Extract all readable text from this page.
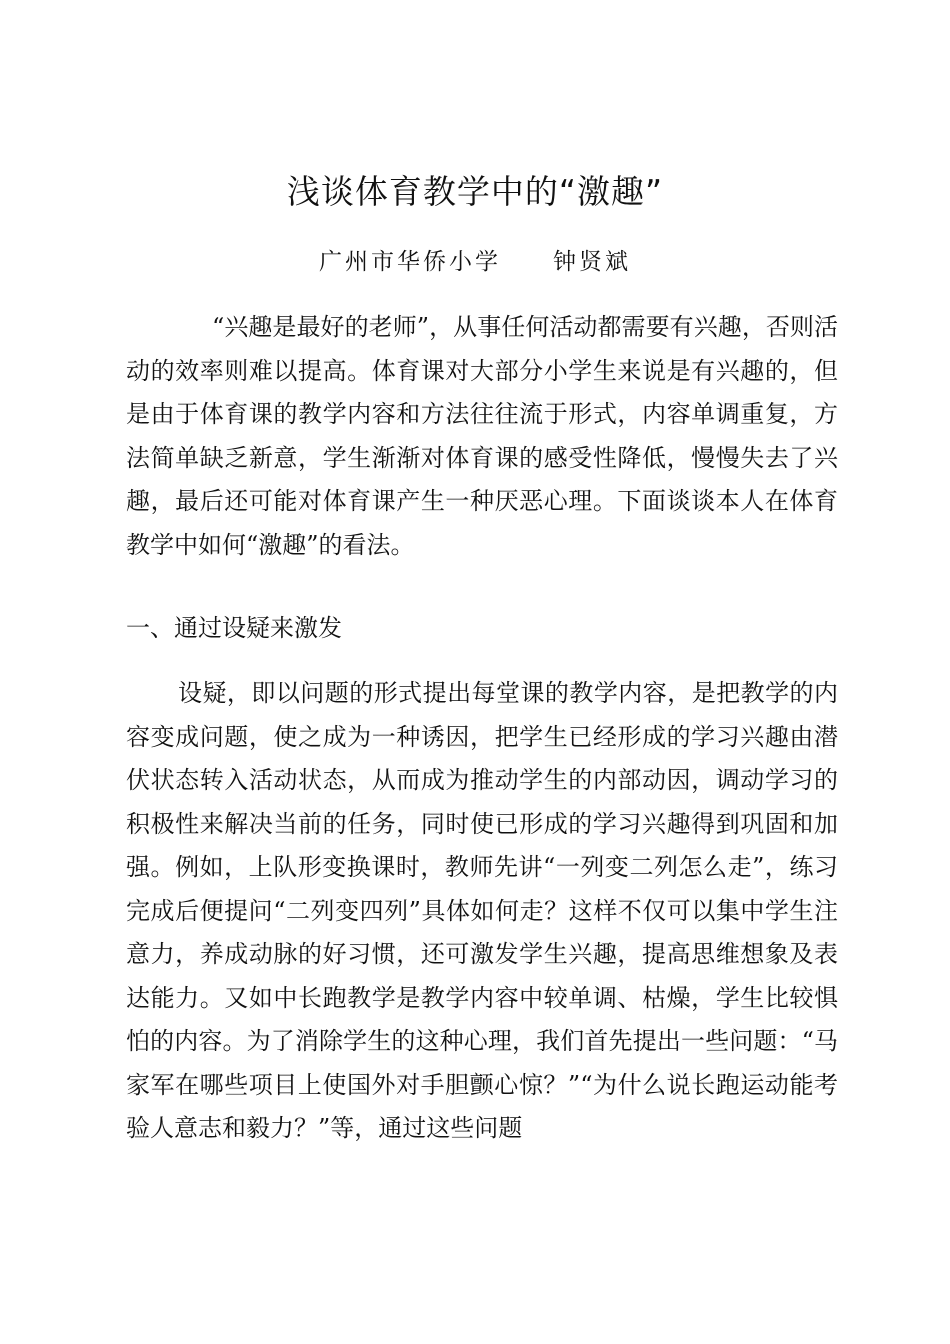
浅谈体育教学中的“激趣”
广州市华侨小学 钟贤斌

“兴趣是最好的老师”，从事任何活动都需要有兴趣，否则活动的效率则难以提高。体育课对大部分小学生来说是有兴趣的，但是由于体育课的教学内容和方法往往流于形式，内容单调重复，方法简单缺乏新意，学生渐渐对体育课的感受性降低，慢慢失去了兴趣，最后还可能对体育课产生一种厌恶心理。下面谈谈本人在体育教学中如何“激趣”的看法。

一、通过设疑来激发

设疑，即以问题的形式提出每堂课的教学内容，是把教学的内容变成问题，使之成为一种诱因，把学生已经形成的学习兴趣由潜伏状态转入活动状态，从而成为推动学生的内部动因，调动学习的积极性来解决当前的任务，同时使已形成的学习兴趣得到巩固和加强。例如，上队形变换课时，教师先讲“一列变二列怎么走”，练习完成后便提问“二列变四列”具体如何走？这样不仅可以集中学生注意力，养成动脉的好习惯，还可激发学生兴趣，提高思维想象及表达能力。又如中长跑教学是教学内容中较单调、枯燥，学生比较惧怕的内容。为了消除学生的这种心理，我们首先提出一些问题：“马家军在哪些项目上使国外对手胆颤心惊？”“为什么说长跑运动能考验人意志和毅力？”等，通过这些问题
